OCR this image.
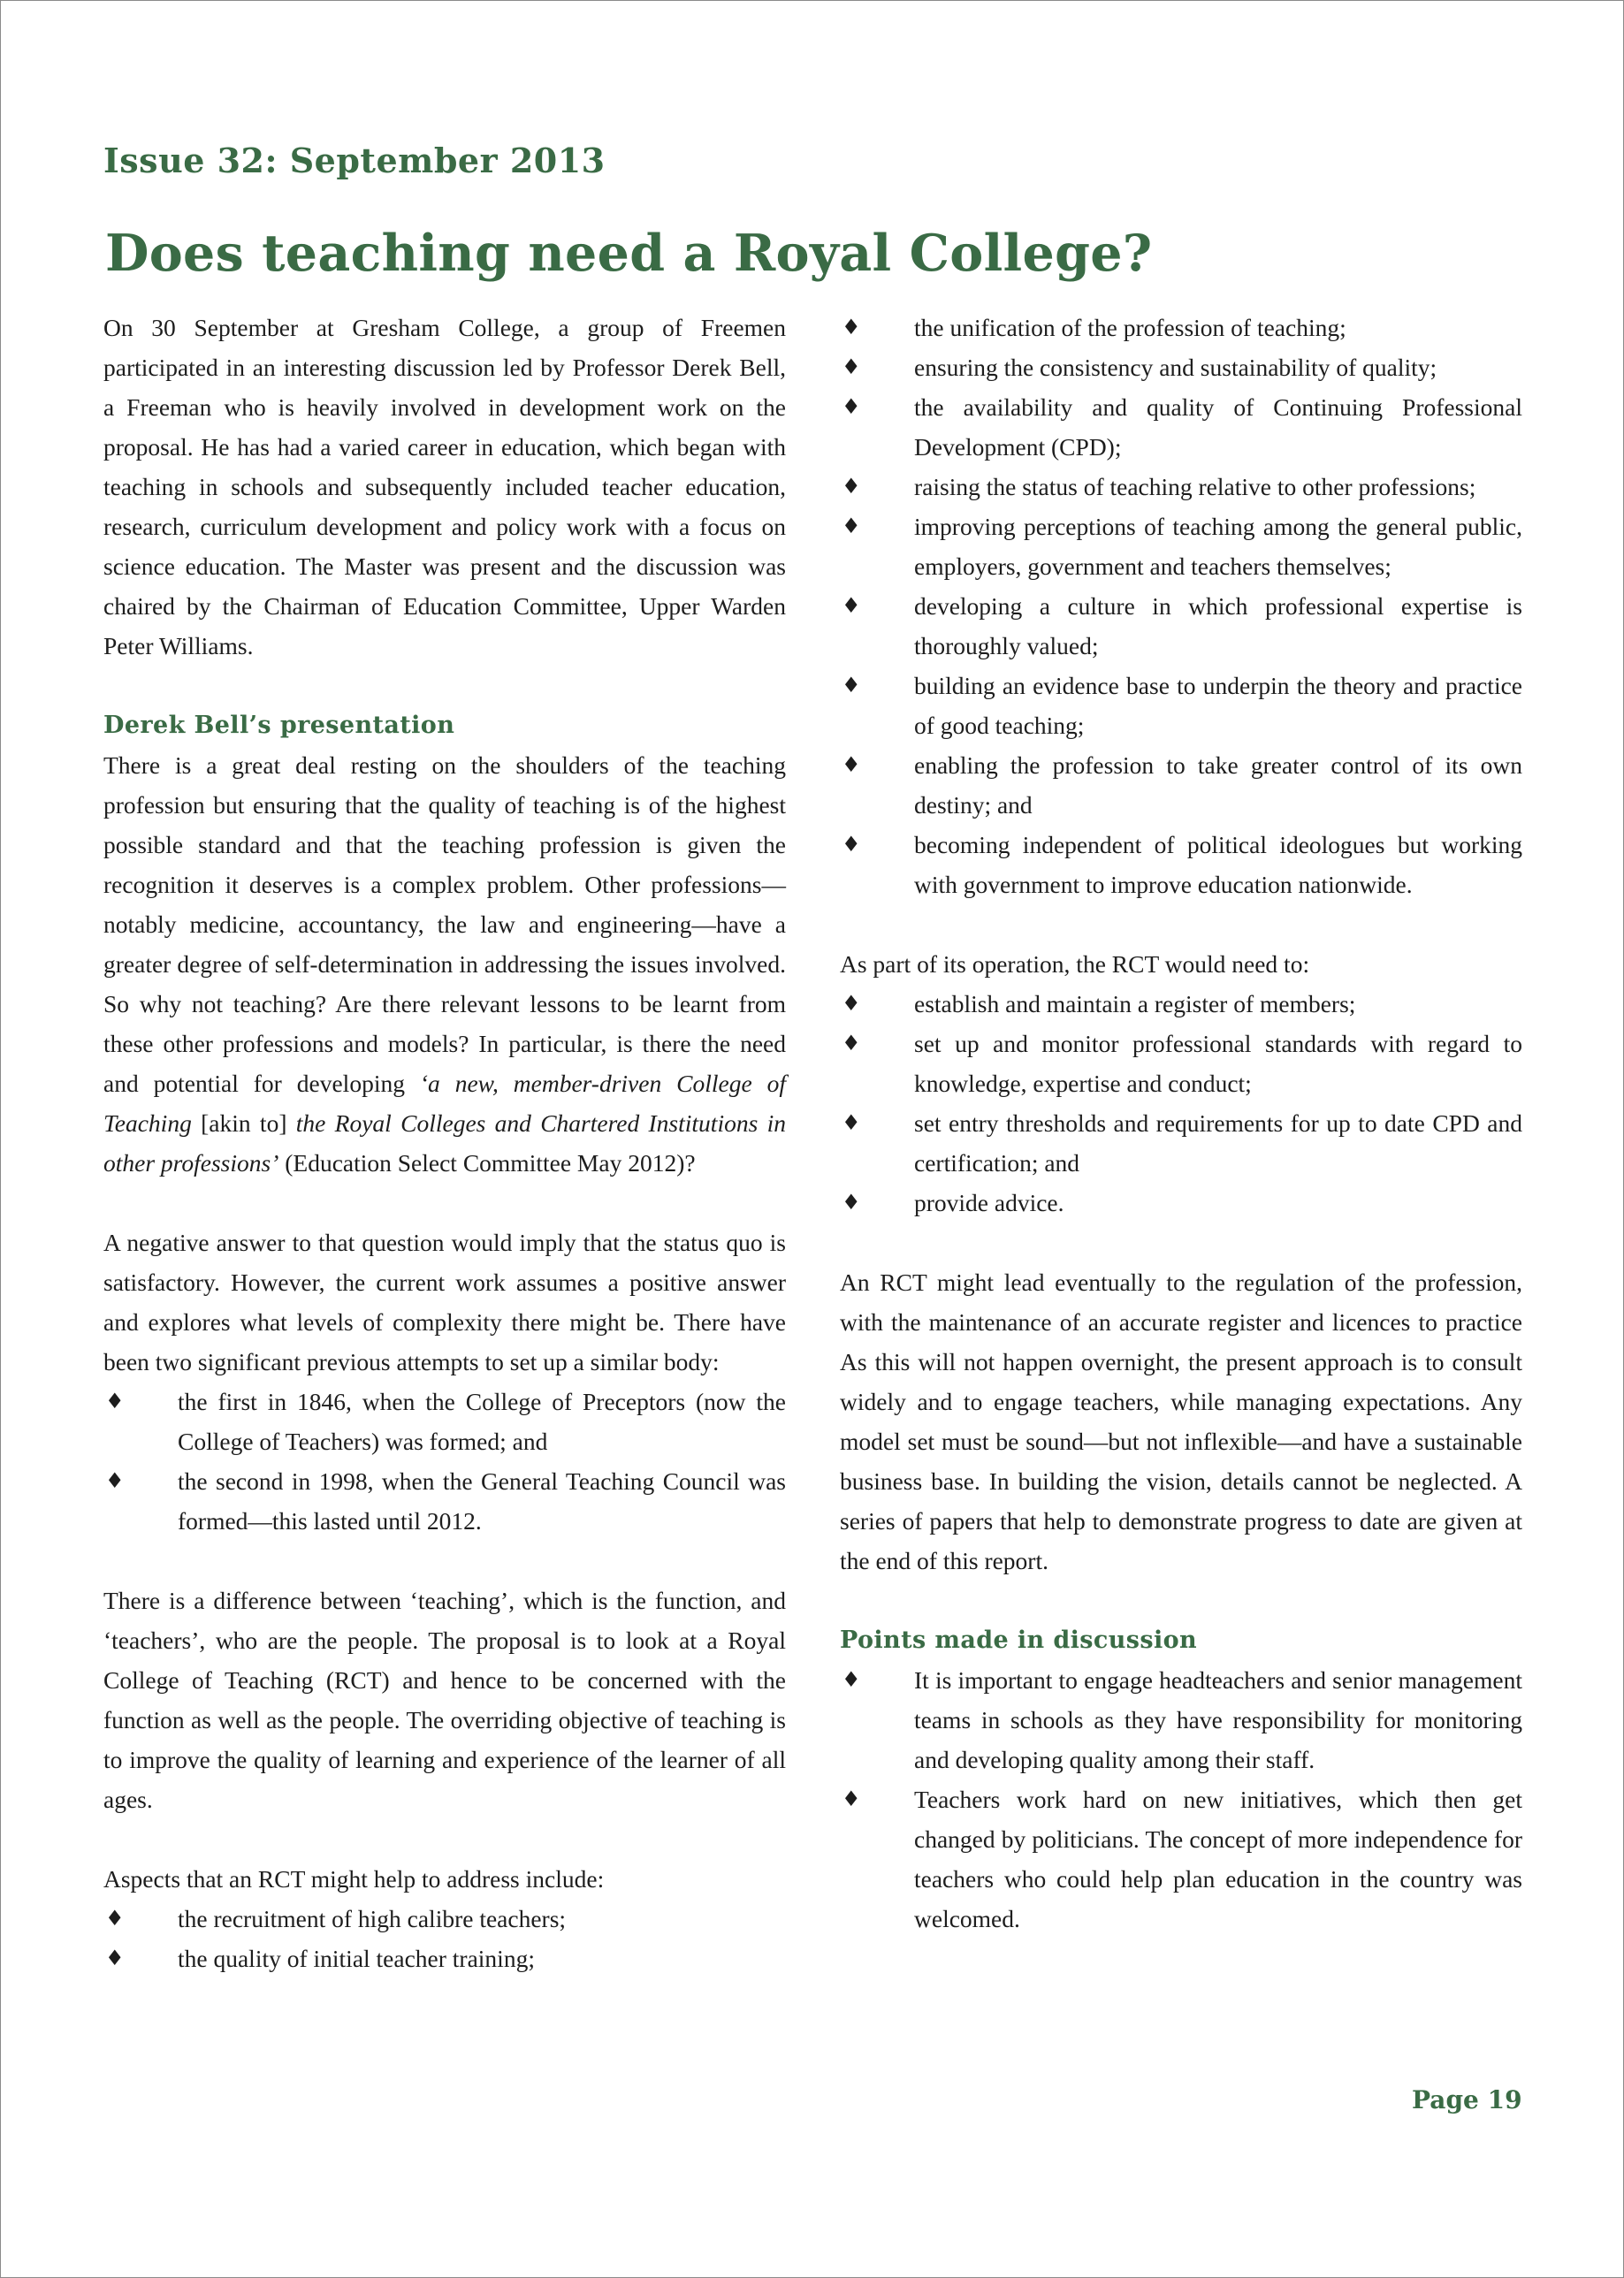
Issue 32: September 2013
Does teaching need a Royal College?

On 30 September at Gresham College, a group of Freemen participated in an interesting discussion led by Professor Derek Bell, a Freeman who is heavily involved in development work on the proposal. He has had a varied career in education, which began with teaching in schools and subsequently included teacher education, research, curriculum development and policy work with a focus on science education. The Master was present and the discussion was chaired by the Chairman of Education Committee, Upper Warden Peter Williams.

Derek Bell’s presentation

There is a great deal resting on the shoulders of the teaching profession but ensuring that the quality of teaching is of the highest possible standard and that the teaching profession is given the recognition it deserves is a complex problem. Other professions—notably medicine, accountancy, the law and engineering—have a greater degree of self-determination in addressing the issues involved. So why not teaching? Are there relevant lessons to be learnt from these other professions and models? In particular, is there the need and potential for developing ‘a new, member-driven College of Teaching [akin to] the Royal Colleges and Chartered Institutions in other professions’ (Education Select Committee May 2012)?

A negative answer to that question would imply that the status quo is satisfactory. However, the current work assumes a positive answer and explores what levels of complexity there might be. There have been two significant previous attempts to set up a similar body:

♦ the first in 1846, when the College of Preceptors (now the College of Teachers) was formed; and
♦ the second in 1998, when the General Teaching Council was formed—this lasted until 2012.

There is a difference between ‘teaching’, which is the function, and ‘teachers’, who are the people. The proposal is to look at a Royal College of Teaching (RCT) and hence to be concerned with the function as well as the people. The overriding objective of teaching is to improve the quality of learning and experience of the learner of all ages.

Aspects that an RCT might help to address include:

♦ the recruitment of high calibre teachers;
♦ the quality of initial teacher training;
♦ the unification of the profession of teaching;
♦ ensuring the consistency and sustainability of quality;
♦ the availability and quality of Continuing Professional Development (CPD);
♦ raising the status of teaching relative to other professions;
♦ improving perceptions of teaching among the general public, employers, government and teachers themselves;
♦ developing a culture in which professional expertise is thoroughly valued;
♦ building an evidence base to underpin the theory and practice of good teaching;
♦ enabling the profession to take greater control of its own destiny; and
♦ becoming independent of political ideologues but working with government to improve education nationwide.

As part of its operation, the RCT would need to:

♦ establish and maintain a register of members;
♦ set up and monitor professional standards with regard to knowledge, expertise and conduct;
♦ set entry thresholds and requirements for up to date CPD and certification; and
♦ provide advice.

An RCT might lead eventually to the regulation of the profession, with the maintenance of an accurate register and licences to practice As this will not happen overnight, the present approach is to consult widely and to engage teachers, while managing expectations. Any model set must be sound—but not inflexible—and have a sustainable business base. In building the vision, details cannot be neglected. A series of papers that help to demonstrate progress to date are given at the end of this report.

Points made in discussion
♦ It is important to engage headteachers and senior management teams in schools as they have responsibility for monitoring and developing quality among their staff.
♦ Teachers work hard on new initiatives, which then get changed by politicians. The concept of more independence for teachers who could help plan education in the country was welcomed.
Page 19
